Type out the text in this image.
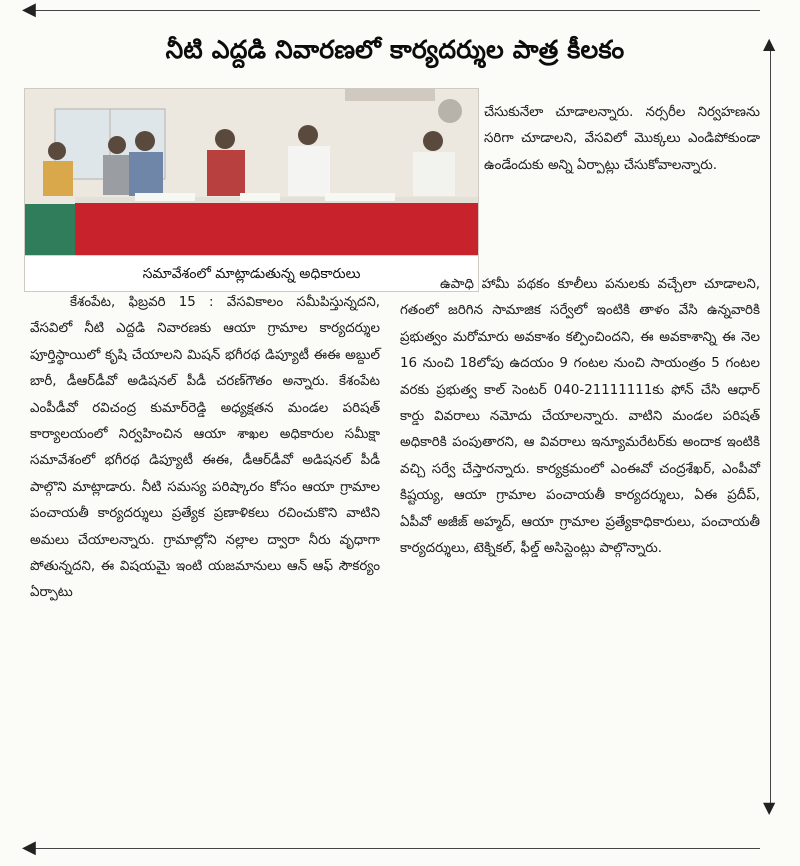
◀
◀
▲
▼
నీటి ఎద్దడి నివారణలో కార్యదర్శుల పాత్ర కీలకం
సమావేశంలో మాట్లాడుతున్న అధికారులు

చేసుకునేలా చూడాలన్నారు. నర్సరీల నిర్వహణను సరిగా చూడాలని, వేసవిలో మొక్కలు ఎండిపోకుండా ఉండేందుకు అన్ని ఏర్పాట్లు చేసుకోవాలన్నారు.

కేశంపేట, ఫిబ్రవరి 15 : వేసవికాలం సమీపిస్తున్నదని, వేసవిలో నీటి ఎద్దడి నివారణకు ఆయా గ్రామాల కార్యదర్శుల పూర్తిస్థాయిలో కృషి చేయాలని మిషన్ భగీరథ డిప్యూటీ ఈఈ అబ్దుల్ బారీ, డీఆర్‌డీవో అడిషనల్ పీడీ చరణ్‌గౌతం అన్నారు. కేశంపేట ఎంపీడీవో రవిచంద్ర కుమార్‌రెడ్డి అధ్యక్షతన మండల పరిషత్ కార్యాలయంలో నిర్వహించిన ఆయా శాఖల అధికారుల సమీక్షా సమావేశంలో భగీరథ డిప్యూటీ ఈఈ, డీఆర్‌డీవో అడిషనల్ పీడీ పాల్గొని మాట్లాడారు. నీటి సమస్య పరిష్కారం కోసం ఆయా గ్రామాల పంచాయతీ కార్యదర్శులు ప్రత్యేక ప్రణాళికలు రచించుకొని వాటిని అమలు చేయాలన్నారు. గ్రామాల్లోని నల్లాల ద్వారా నీరు వృధాగా పోతున్నదని, ఈ విషయమై ఇంటి యజమానులు ఆన్ ఆఫ్ సౌకర్యం ఏర్పాటు

ఉపాధి హామీ పథకం కూలీలు పనులకు వచ్చేలా చూడాలని, గతంలో జరిగిన సామాజిక సర్వేలో ఇంటికి తాళం వేసి ఉన్నవారికి ప్రభుత్వం మరోమారు అవకాశం కల్పించిందని, ఈ అవకాశాన్ని ఈ నెల 16 నుంచి 18లోపు ఉదయం 9 గంటల నుంచి సాయంత్రం 5 గంటల వరకు ప్రభుత్వ కాల్ సెంటర్ 040-21111111కు ఫోన్ చేసి ఆధార్ కార్డు వివరాలు నమోదు చేయాలన్నారు. వాటిని మండల పరిషత్ అధికారికి పంపుతారని, ఆ వివరాలు ఇన్యూమరేటర్‌కు అందాక ఇంటికి వచ్చి సర్వే చేస్తారన్నారు. కార్యక్రమంలో ఎంఈవో చంద్రశేఖర్, ఎంపీవో కిష్టయ్య, ఆయా గ్రామాల పంచాయతీ కార్యదర్శులు, ఏఈ ప్రదీప్, ఏపీవో అజీజ్ అహ్మద్, ఆయా గ్రామాల ప్రత్యేకాధికారులు, పంచాయతీ కార్యదర్శులు, టెక్నికల్, ఫీల్డ్ అసిస్టెంట్లు పాల్గొన్నారు.
